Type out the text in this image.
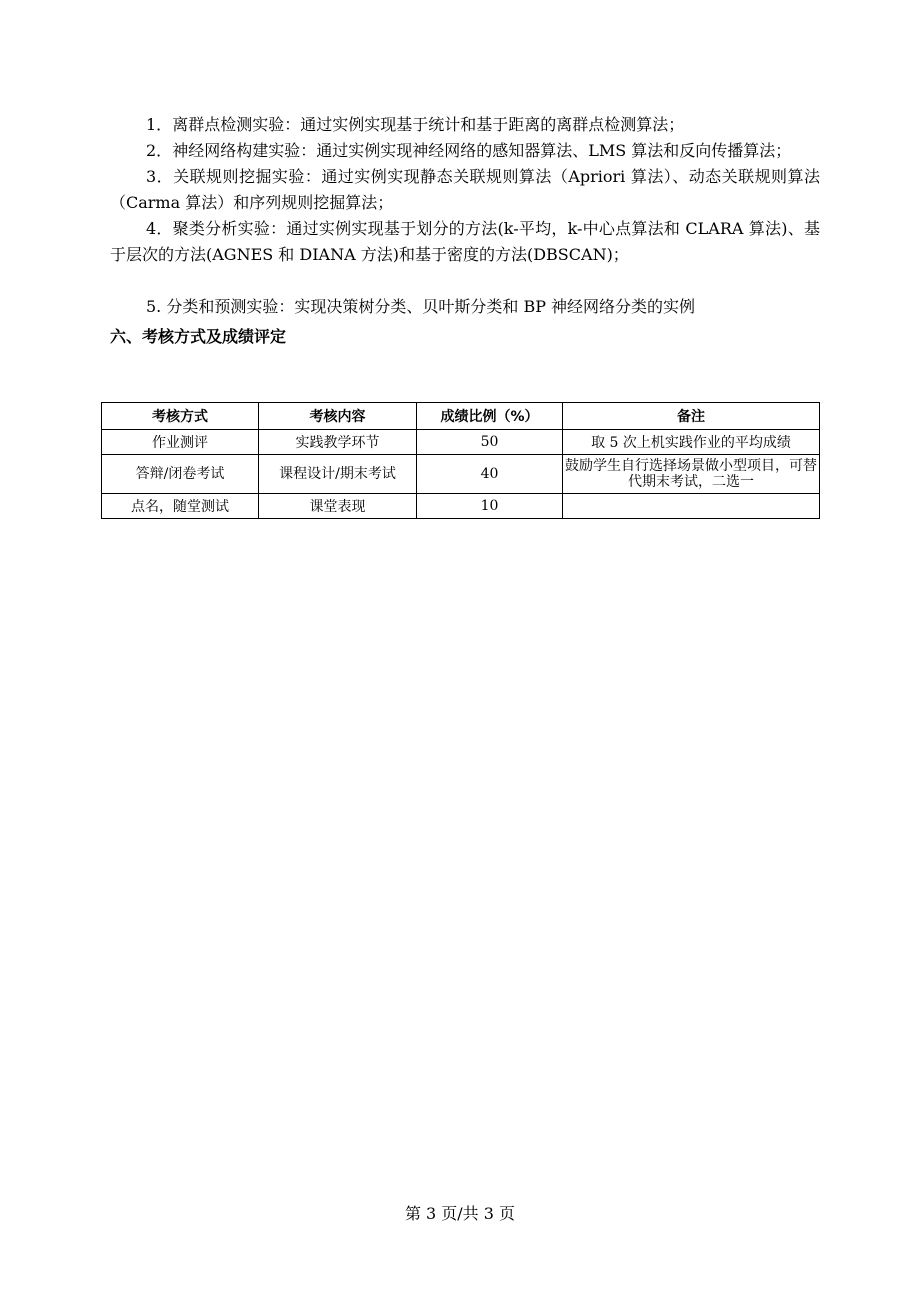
1．离群点检测实验：通过实例实现基于统计和基于距离的离群点检测算法；

2．神经网络构建实验：通过实例实现神经网络的感知器算法、LMS 算法和反向传播算法；

3．关联规则挖掘实验：通过实例实现静态关联规则算法（Apriori 算法）、动态关联规则算法（Carma 算法）和序列规则挖掘算法；

4．聚类分析实验：通过实例实现基于划分的方法(k-平均，k-中心点算法和 CLARA 算法)、基于层次的方法(AGNES 和 DIANA 方法)和基于密度的方法(DBSCAN)；

5. 分类和预测实验：实现决策树分类、贝叶斯分类和 BP 神经网络分类的实例

六、考核方式及成绩评定
考核方式	考核内容	成绩比例（%）	备注
作业测评	实践教学环节	50	取 5 次上机实践作业的平均成绩
答辩/闭卷考试	课程设计/期末考试	40	鼓励学生自行选择场景做小型项目，可替代期末考试，二选一
点名，随堂测试	课堂表现	10	
第 3 页/共 3 页
